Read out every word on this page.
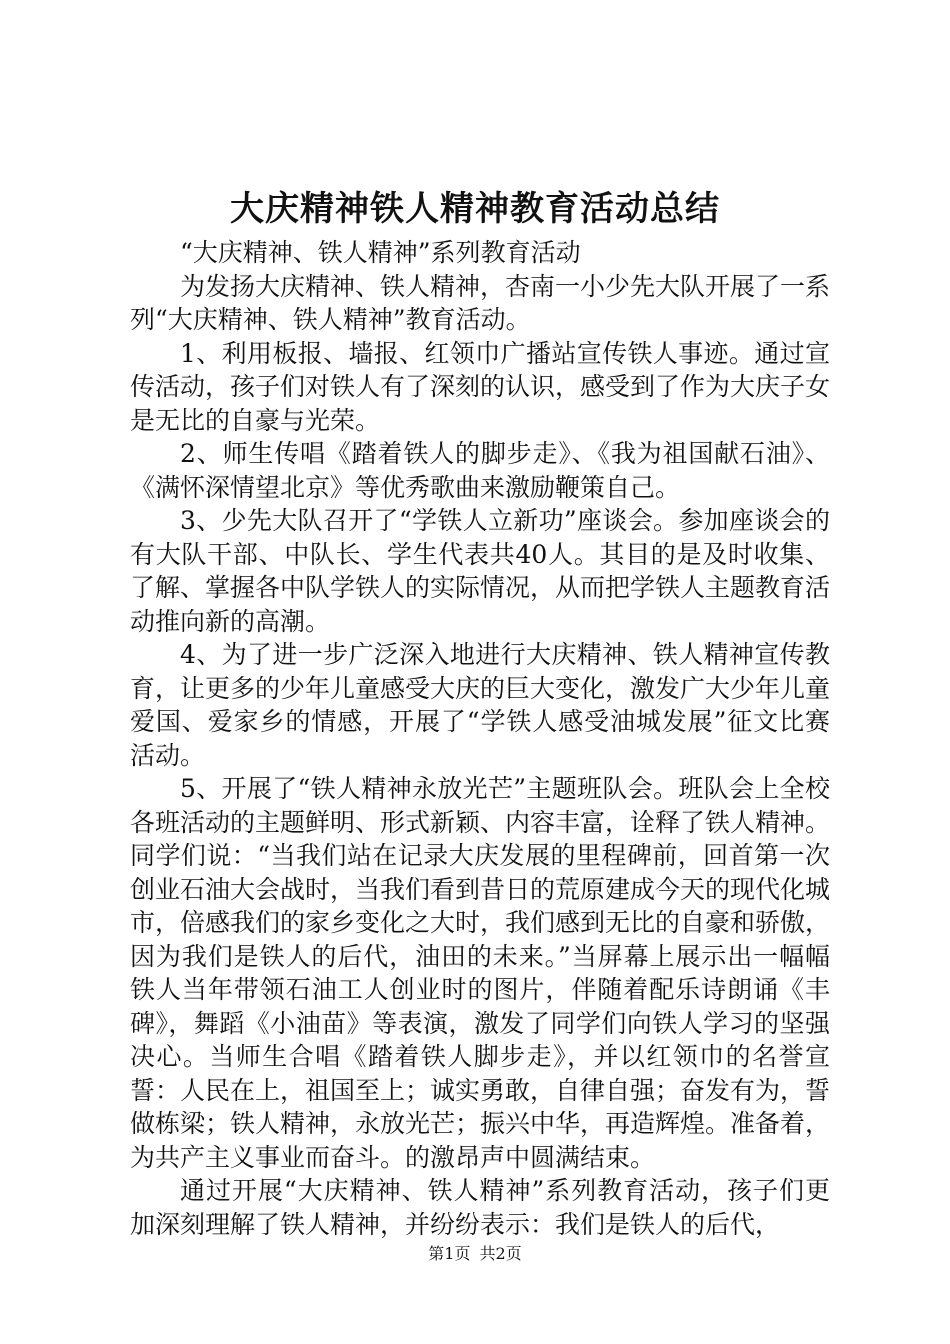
大庆精神铁人精神教育活动总结

“大庆精神、铁人精神”系列教育活动

为发扬大庆精神、铁人精神，杏南一小少先大队开展了一系列“大庆精神、铁人精神”教育活动。

1、利用板报、墙报、红领巾广播站宣传铁人事迹。通过宣传活动，孩子们对铁人有了深刻的认识，感受到了作为大庆子女是无比的自豪与光荣。

2、师生传唱《踏着铁人的脚步走》、《我为祖国献石油》、《满怀深情望北京》等优秀歌曲来激励鞭策自己。

3、少先大队召开了“学铁人立新功”座谈会。参加座谈会的有大队干部、中队长、学生代表共40人。其目的是及时收集、了解、掌握各中队学铁人的实际情况，从而把学铁人主题教育活动推向新的高潮。

4、为了进一步广泛深入地进行大庆精神、铁人精神宣传教育，让更多的少年儿童感受大庆的巨大变化，激发广大少年儿童爱国、爱家乡的情感，开展了“学铁人感受油城发展”征文比赛活动。

5、开展了“铁人精神永放光芒”主题班队会。班队会上全校各班活动的主题鲜明、形式新颖、内容丰富，诠释了铁人精神。同学们说：“当我们站在记录大庆发展的里程碑前，回首第一次创业石油大会战时，当我们看到昔日的荒原建成今天的现代化城市，倍感我们的家乡变化之大时，我们感到无比的自豪和骄傲，因为我们是铁人的后代，油田的未来。”当屏幕上展示出一幅幅铁人当年带领石油工人创业时的图片，伴随着配乐诗朗诵《丰碑》，舞蹈《小油苗》等表演，激发了同学们向铁人学习的坚强决心。当师生合唱《踏着铁人脚步走》，并以红领巾的名誉宣誓：人民在上，祖国至上；诚实勇敢，自律自强；奋发有为，誓做栋梁；铁人精神，永放光芒；振兴中华，再造辉煌。准备着，为共产主义事业而奋斗。的激昂声中圆满结束。

通过开展“大庆精神、铁人精神”系列教育活动，孩子们更加深刻理解了铁人精神，并纷纷表示：我们是铁人的后代，

第1页 共2页
